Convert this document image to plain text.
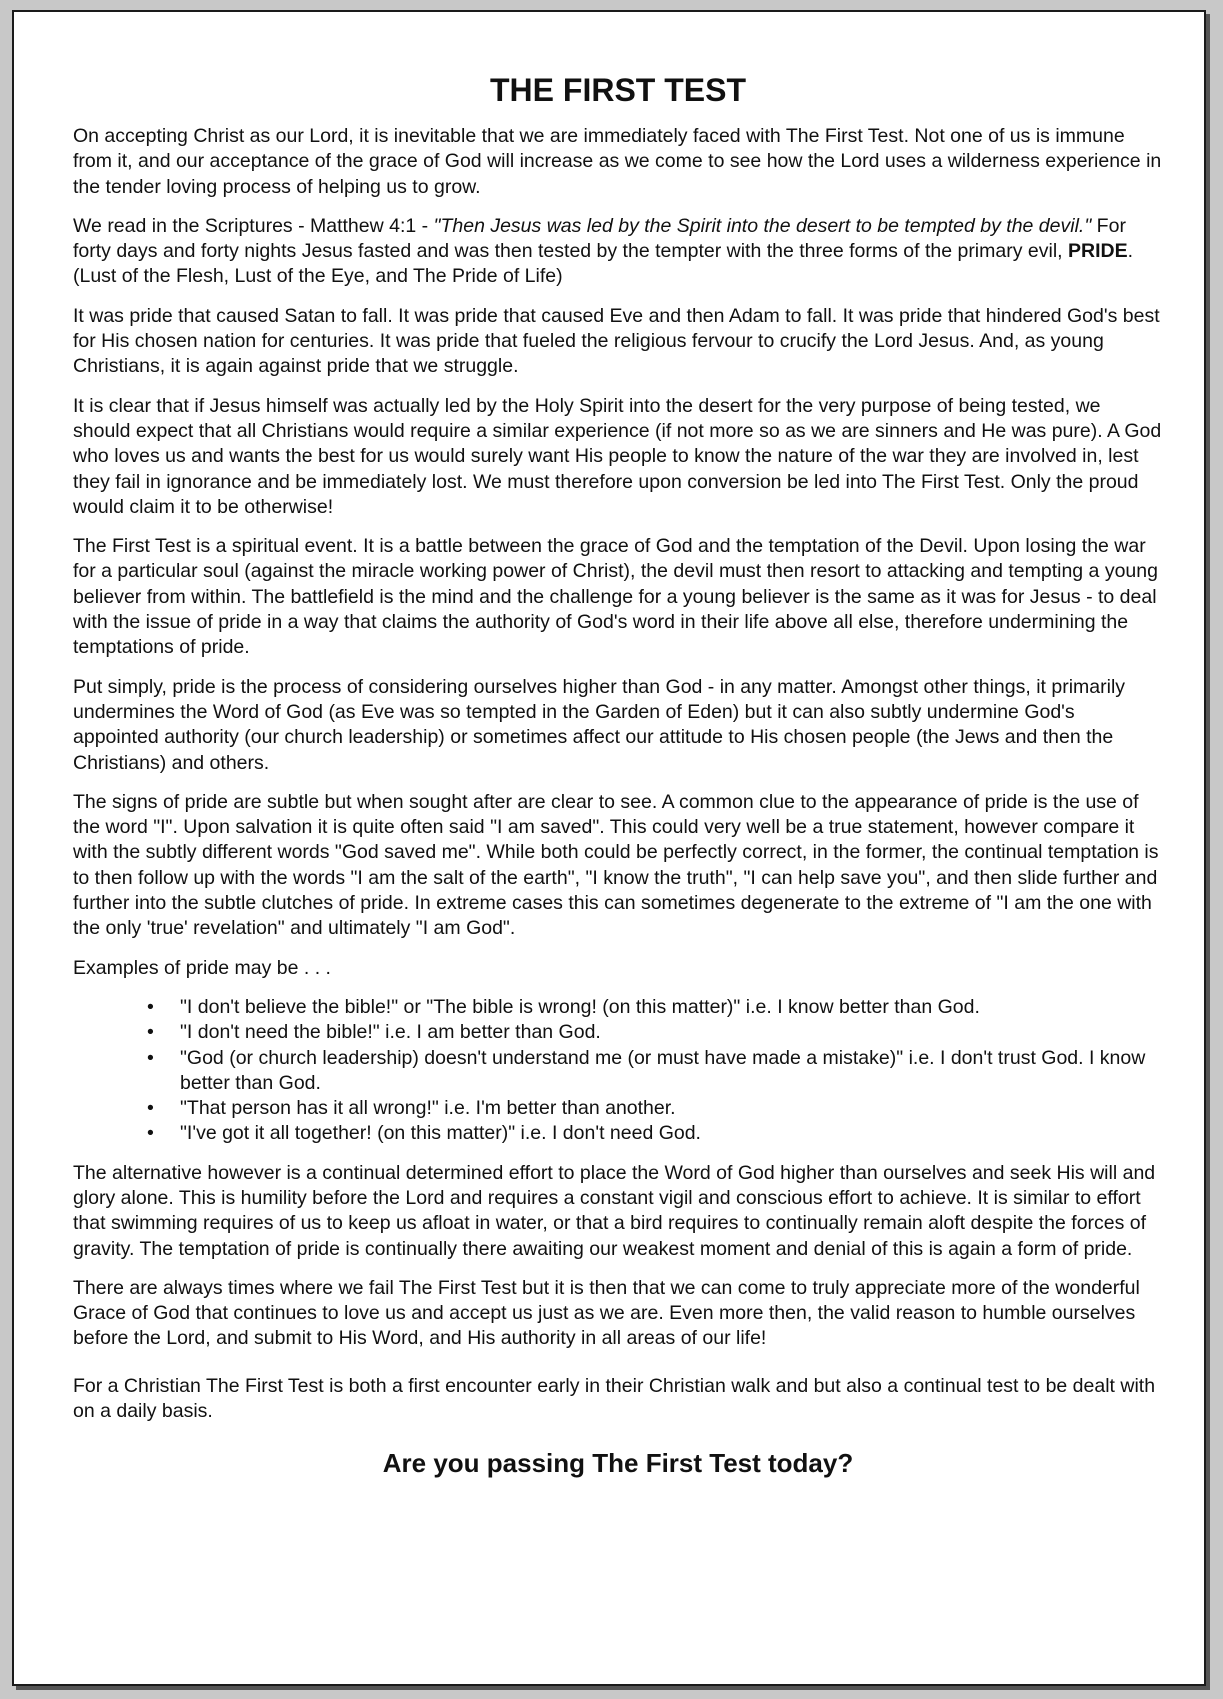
THE FIRST TEST

On accepting Christ as our Lord, it is inevitable that we are immediately faced with The First Test. Not one of us is immune from it, and our acceptance of the grace of God will increase as we come to see how the Lord uses a wilderness experience in the tender loving process of helping us to grow.

We read in the Scriptures - Matthew 4:1 - "Then Jesus was led by the Spirit into the desert to be tempted by the devil." For forty days and forty nights Jesus fasted and was then tested by the tempter with the three forms of the primary evil, PRIDE. (Lust of the Flesh, Lust of the Eye, and The Pride of Life)

It was pride that caused Satan to fall. It was pride that caused Eve and then Adam to fall. It was pride that hindered God's best for His chosen nation for centuries. It was pride that fueled the religious fervour to crucify the Lord Jesus. And, as young Christians, it is again against pride that we struggle.

It is clear that if Jesus himself was actually led by the Holy Spirit into the desert for the very purpose of being tested, we should expect that all Christians would require a similar experience (if not more so as we are sinners and He was pure). A God who loves us and wants the best for us would surely want His people to know the nature of the war they are involved in, lest they fail in ignorance and be immediately lost. We must therefore upon conversion be led into The First Test. Only the proud would claim it to be otherwise!

The First Test is a spiritual event. It is a battle between the grace of God and the temptation of the Devil. Upon losing the war for a particular soul (against the miracle working power of Christ), the devil must then resort to attacking and tempting a young believer from within. The battlefield is the mind and the challenge for a young believer is the same as it was for Jesus - to deal with the issue of pride in a way that claims the authority of God's word in their life above all else, therefore undermining the temptations of pride.

Put simply, pride is the process of considering ourselves higher than God - in any matter. Amongst other things, it primarily undermines the Word of God (as Eve was so tempted in the Garden of Eden) but it can also subtly undermine God's appointed authority (our church leadership) or sometimes affect our attitude to His chosen people (the Jews and then the Christians) and others.

The signs of pride are subtle but when sought after are clear to see. A common clue to the appearance of pride is the use of the word "I". Upon salvation it is quite often said "I am saved". This could very well be a true statement, however compare it with the subtly different words "God saved me". While both could be perfectly correct, in the former, the continual temptation is to then follow up with the words "I am the salt of the earth", "I know the truth", "I can help save you", and then slide further and further into the subtle clutches of pride. In extreme cases this can sometimes degenerate to the extreme of "I am the one with the only 'true' revelation" and ultimately "I am God".

Examples of pride may be . . .

• "I don't believe the bible!" or "The bible is wrong! (on this matter)" i.e. I know better than God.
• "I don't need the bible!" i.e. I am better than God.
• "God (or church leadership) doesn't understand me (or must have made a mistake)" i.e. I don't trust God. I know better than God.
• "That person has it all wrong!" i.e. I'm better than another.
• "I've got it all together! (on this matter)" i.e. I don't need God.

The alternative however is a continual determined effort to place the Word of God higher than ourselves and seek His will and glory alone. This is humility before the Lord and requires a constant vigil and conscious effort to achieve. It is similar to effort that swimming requires of us to keep us afloat in water, or that a bird requires to continually remain aloft despite the forces of gravity. The temptation of pride is continually there awaiting our weakest moment and denial of this is again a form of pride.

There are always times where we fail The First Test but it is then that we can come to truly appreciate more of the wonderful Grace of God that continues to love us and accept us just as we are. Even more then, the valid reason to humble ourselves before the Lord, and submit to His Word, and His authority in all areas of our life!

For a Christian The First Test is both a first encounter early in their Christian walk and but also a continual test to be dealt with on a daily basis.

Are you passing The First Test today?
